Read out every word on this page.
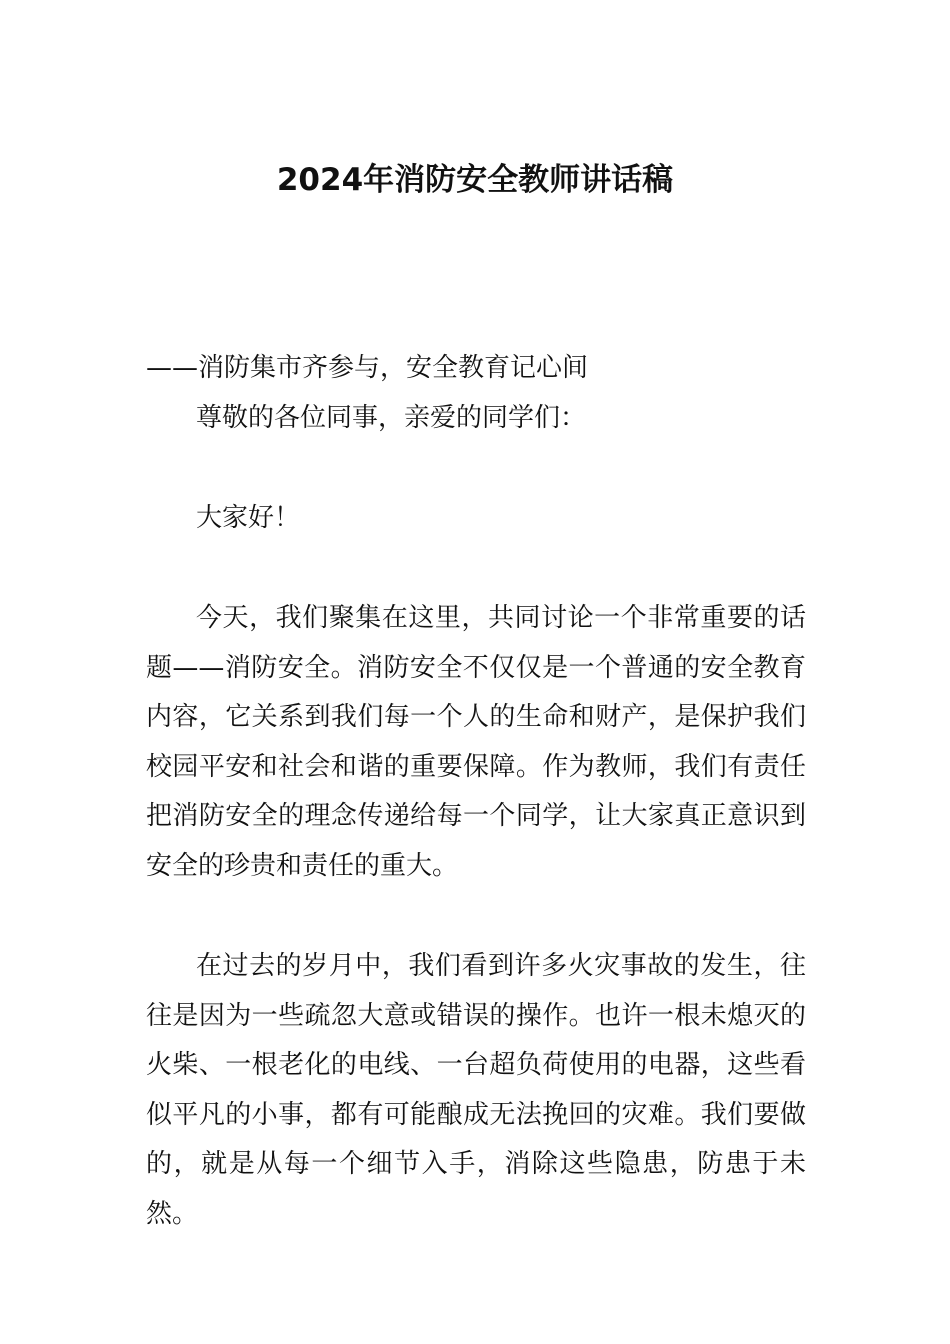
2024年消防安全教师讲话稿
——消防集市齐参与，安全教育记心间
尊敬的各位同事，亲爱的同学们：
大家好！
今天，我们聚集在这里，共同讨论一个非常重要的话题——消防安全。消防安全不仅仅是一个普通的安全教育内容，它关系到我们每一个人的生命和财产，是保护我们校园平安和社会和谐的重要保障。作为教师，我们有责任把消防安全的理念传递给每一个同学，让大家真正意识到安全的珍贵和责任的重大。
在过去的岁月中，我们看到许多火灾事故的发生，往往是因为一些疏忽大意或错误的操作。也许一根未熄灭的火柴、一根老化的电线、一台超负荷使用的电器，这些看似平凡的小事，都有可能酿成无法挽回的灾难。我们要做的，就是从每一个细节入手，消除这些隐患，防患于未然。
